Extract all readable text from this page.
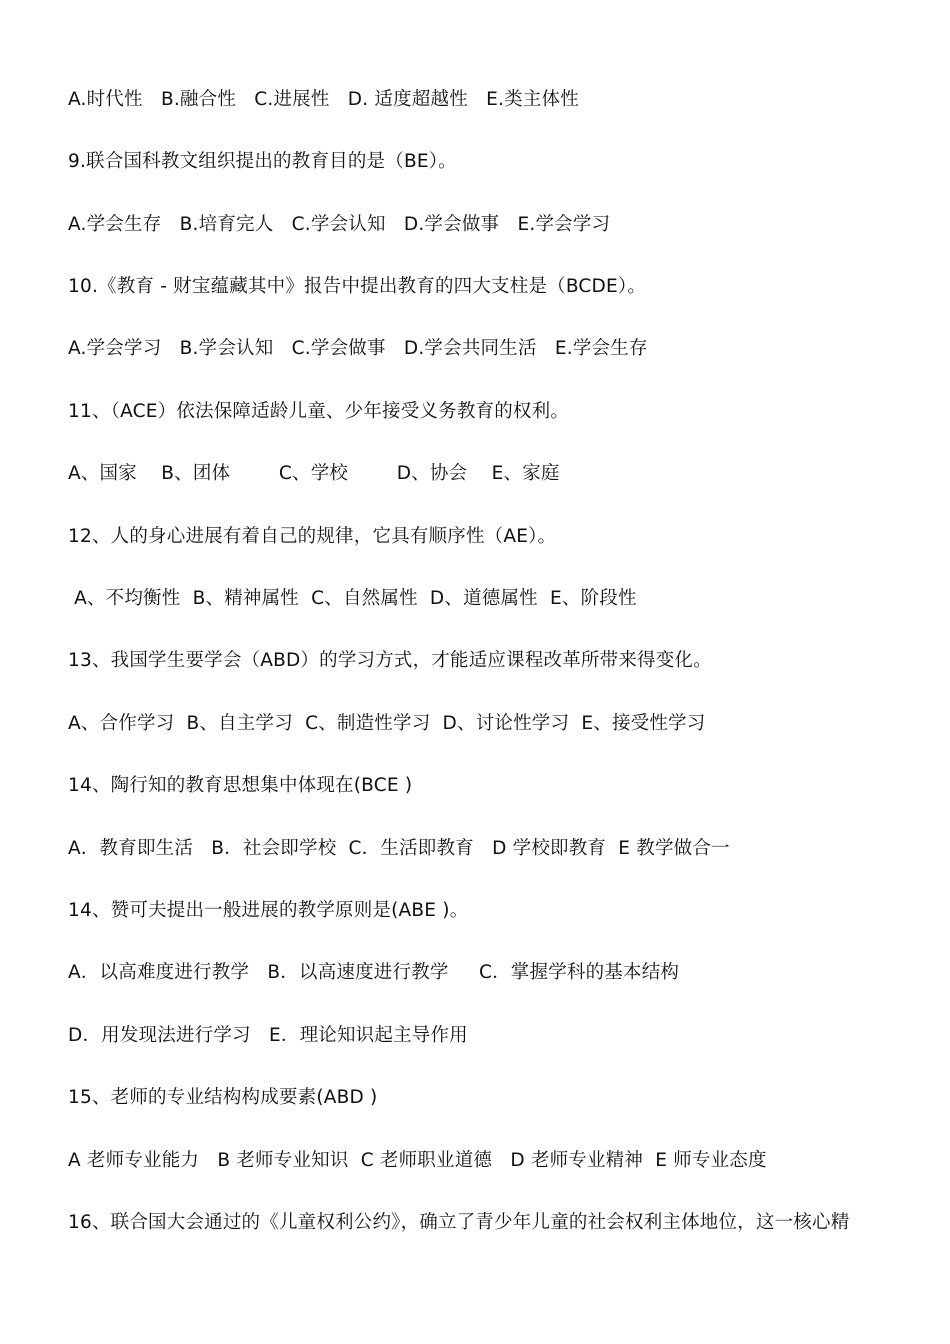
A.时代性   B.融合性   C.进展性   D. 适度超越性   E.类主体性
9.联合国科教文组织提出的教育目的是（BE）。
A.学会生存   B.培育完人   C.学会认知   D.学会做事   E.学会学习
10.《教育 - 财宝蕴藏其中》报告中提出教育的四大支柱是（BCDE）。
A.学会学习   B.学会认知   C.学会做事   D.学会共同生活   E.学会生存
11、（ACE）依法保障适龄儿童、少年接受义务教育的权利。
A、国家    B、团体        C、学校        D、协会    E、家庭
12、人的身心进展有着自己的规律，它具有顺序性（AE）。
A、不均衡性  B、精神属性  C、自然属性  D、道德属性  E、阶段性
13、我国学生要学会（ABD）的学习方式，才能适应课程改革所带来得变化。
A、合作学习  B、自主学习  C、制造性学习  D、讨论性学习  E、接受性学习
14、陶行知的教育思想集中体现在(BCE )
A．教育即生活   B．社会即学校  C．生活即教育   D 学校即教育  E 教学做合一
14、赞可夫提出一般进展的教学原则是(ABE )。
A．以高难度进行教学   B．以高速度进行教学     C．掌握学科的基本结构
D．用发现法进行学习   E．理论知识起主导作用
15、老师的专业结构构成要素(ABD )
A 老师专业能力   B 老师专业知识  C 老师职业道德   D 老师专业精神  E 师专业态度
16、联合国大会通过的《儿童权利公约》，确立了青少年儿童的社会权利主体地位，这一核心精
